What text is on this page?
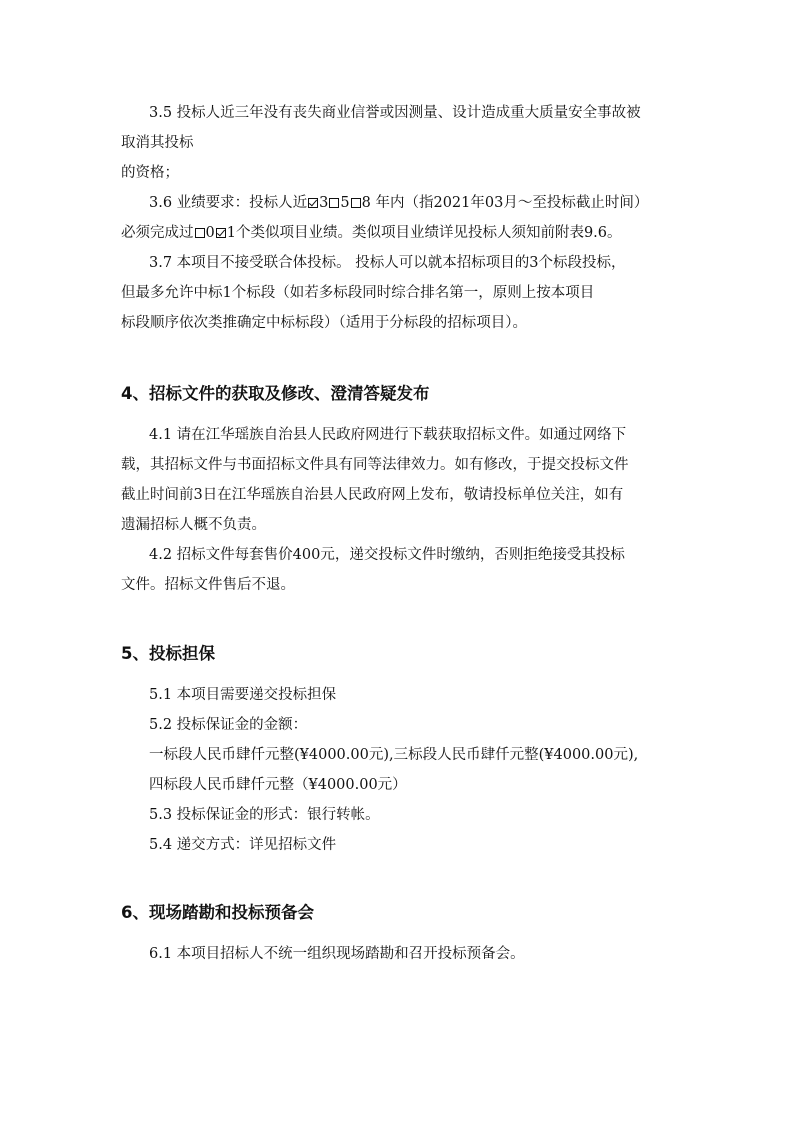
3.5 投标人近三年没有丧失商业信誉或因测量、设计造成重大质量安全事故被
取消其投标
的资格；
3.6 业绩要求：投标人近 3 5 8 年内（指2021年03月～至投标截止时间）
必须完成过 0 1个类似项目业绩。类似项目业绩详见投标人须知前附表9.6。
3.7 本项目不接受联合体投标。 投标人可以就本招标项目的3个标段投标，
但最多允许中标1个标段（如若多标段同时综合排名第一，原则上按本项目
标段顺序依次类推确定中标标段）（适用于分标段的招标项目）。
4、招标文件的获取及修改、澄清答疑发布
4.1 请在江华瑶族自治县人民政府网进行下载获取招标文件。如通过网络下
载，其招标文件与书面招标文件具有同等法律效力。如有修改，于提交投标文件
截止时间前3日在江华瑶族自治县人民政府网上发布，敬请投标单位关注，如有
遗漏招标人概不负责。
4.2 招标文件每套售价400元，递交投标文件时缴纳，否则拒绝接受其投标
文件。招标文件售后不退。
5、投标担保
5.1 本项目需要递交投标担保
5.2 投标保证金的金额：
一标段人民币肆仟元整(¥4000.00元),三标段人民币肆仟元整(¥4000.00元),
四标段人民币肆仟元整（¥4000.00元）
5.3 投标保证金的形式：银行转帐。
5.4 递交方式：详见招标文件
6、现场踏勘和投标预备会
6.1 本项目招标人不统一组织现场踏勘和召开投标预备会。
